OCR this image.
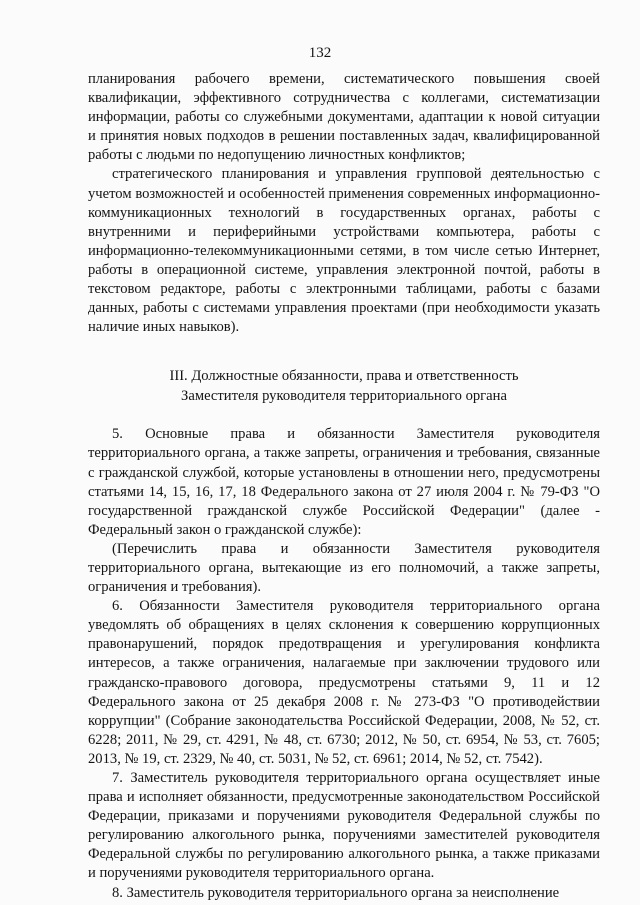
132

планирования рабочего времени, систематического повышения своей квалификации, эффективного сотрудничества с коллегами, систематизации информации, работы со служебными документами, адаптации к новой ситуации и принятия новых подходов в решении поставленных задач, квалифицированной работы с людьми по недопущению личностных конфликтов;

стратегического планирования и управления групповой деятельностью с учетом возможностей и особенностей применения современных информационно-коммуникационных технологий в государственных органах, работы с внутренними и периферийными устройствами компьютера, работы с информационно-телекоммуникационными сетями, в том числе сетью Интернет, работы в операционной системе, управления электронной почтой, работы в текстовом редакторе, работы с электронными таблицами, работы с базами данных, работы с системами управления проектами (при необходимости указать наличие иных навыков).

III. Должностные обязанности, права и ответственность
Заместителя руководителя территориального органа

5. Основные права и обязанности Заместителя руководителя территориального органа, а также запреты, ограничения и требования, связанные с гражданской службой, которые установлены в отношении него, предусмотрены статьями 14, 15, 16, 17, 18 Федерального закона от 27 июля 2004 г. № 79-ФЗ "О государственной гражданской службе Российской Федерации" (далее - Федеральный закон о гражданской службе):

(Перечислить права и обязанности Заместителя руководителя территориального органа, вытекающие из его полномочий, а также запреты, ограничения и требования).

6. Обязанности Заместителя руководителя территориального органа уведомлять об обращениях в целях склонения к совершению коррупционных правонарушений, порядок предотвращения и урегулирования конфликта интересов, а также ограничения, налагаемые при заключении трудового или гражданско-правового договора, предусмотрены статьями 9, 11 и 12 Федерального закона от 25 декабря 2008 г. № 273-ФЗ "О противодействии коррупции" (Собрание законодательства Российской Федерации, 2008, № 52, ст. 6228; 2011, № 29, ст. 4291, № 48, ст. 6730; 2012, № 50, ст. 6954, № 53, ст. 7605; 2013, № 19, ст. 2329, № 40, ст. 5031, № 52, ст. 6961; 2014, № 52, ст. 7542).

7. Заместитель руководителя территориального органа осуществляет иные права и исполняет обязанности, предусмотренные законодательством Российской Федерации, приказами и поручениями руководителя Федеральной службы по регулированию алкогольного рынка, поручениями заместителей руководителя Федеральной службы по регулированию алкогольного рынка, а также приказами и поручениями руководителя территориального органа.

8. Заместитель руководителя территориального органа за неисполнение
